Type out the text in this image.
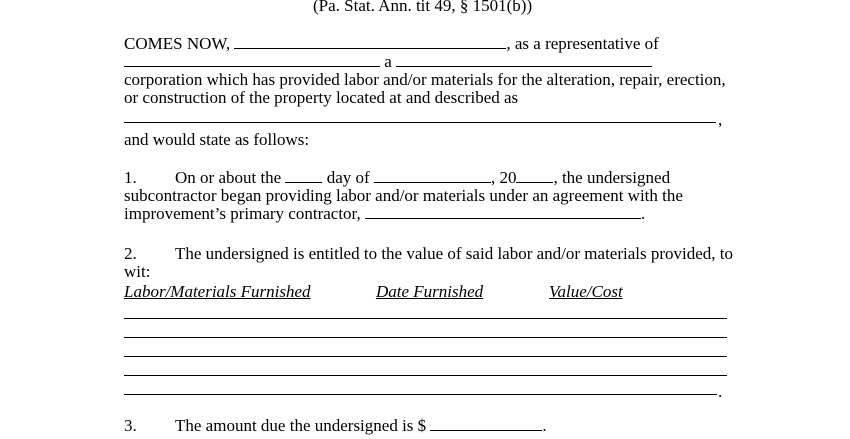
(Pa. Stat. Ann. tit 49, § 1501(b))
COMES NOW,	, as a representative of
a
corporation which has provided labor and/or materials for the alteration, repair, erection,
or construction of the property located at and described as
,
and would state as follows:
1. On or about the	day of	, 20 , the undersigned
subcontractor began providing labor and/or materials under an agreement with the
improvement’s primary contractor,	.
2. The undersigned is entitled to the value of said labor and/or materials provided, to
wit:
Labor/Materials Furnished	Date Furnished	Value/Cost
.
3. The amount due the undersigned is $	.
